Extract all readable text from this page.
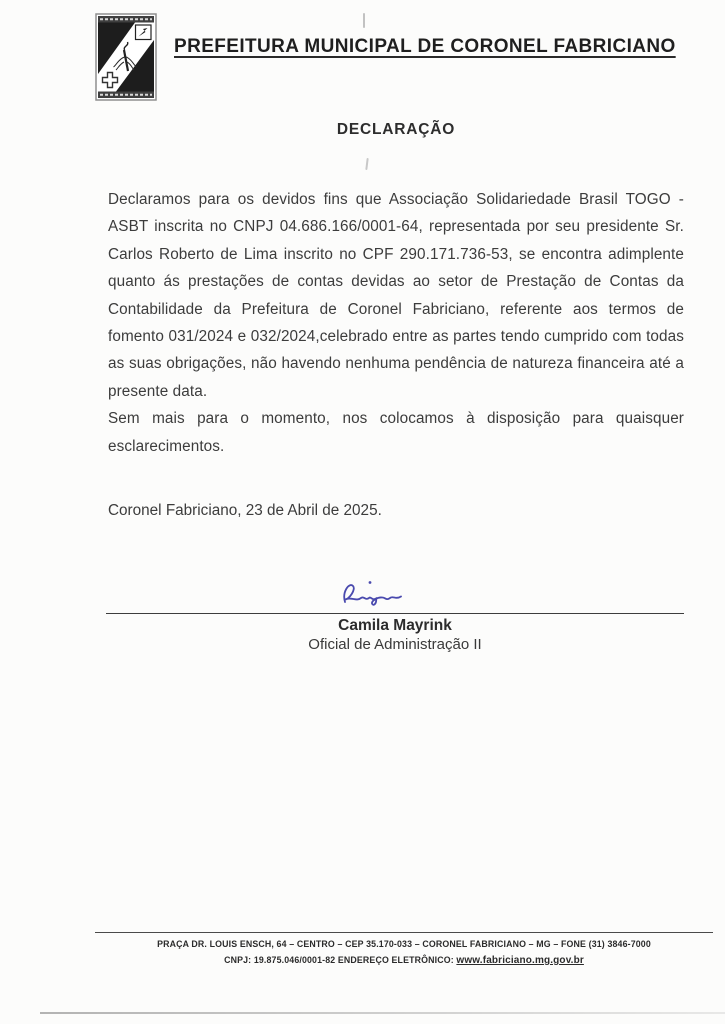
PREFEITURA MUNICIPAL DE CORONEL FABRICIANO
DECLARAÇÃO

Declaramos para os devidos fins que Associação Solidariedade Brasil TOGO - ASBT inscrita no CNPJ 04.686.166/0001-64, representada por seu presidente Sr. Carlos Roberto de Lima inscrito no CPF 290.171.736-53, se encontra adimplente quanto ás prestações de contas devidas ao setor de Prestação de Contas da Contabilidade da Prefeitura de Coronel Fabriciano, referente aos termos de fomento 031/2024 e 032/2024,celebrado entre as partes tendo cumprido com todas as suas obrigações, não havendo nenhuma pendência de natureza financeira até a presente data.

Sem mais para o momento, nos colocamos à disposição para quaisquer esclarecimentos.

Coronel Fabriciano, 23 de Abril de 2025.

Camila Mayrink
Oficial de Administração II
PRAÇA DR. LOUIS ENSCH, 64 – CENTRO – CEP 35.170-033 – CORONEL FABRICIANO – MG – FONE (31) 3846-7000
CNPJ: 19.875.046/0001-82 ENDEREÇO ELETRÔNICO: www.fabriciano.mg.gov.br
